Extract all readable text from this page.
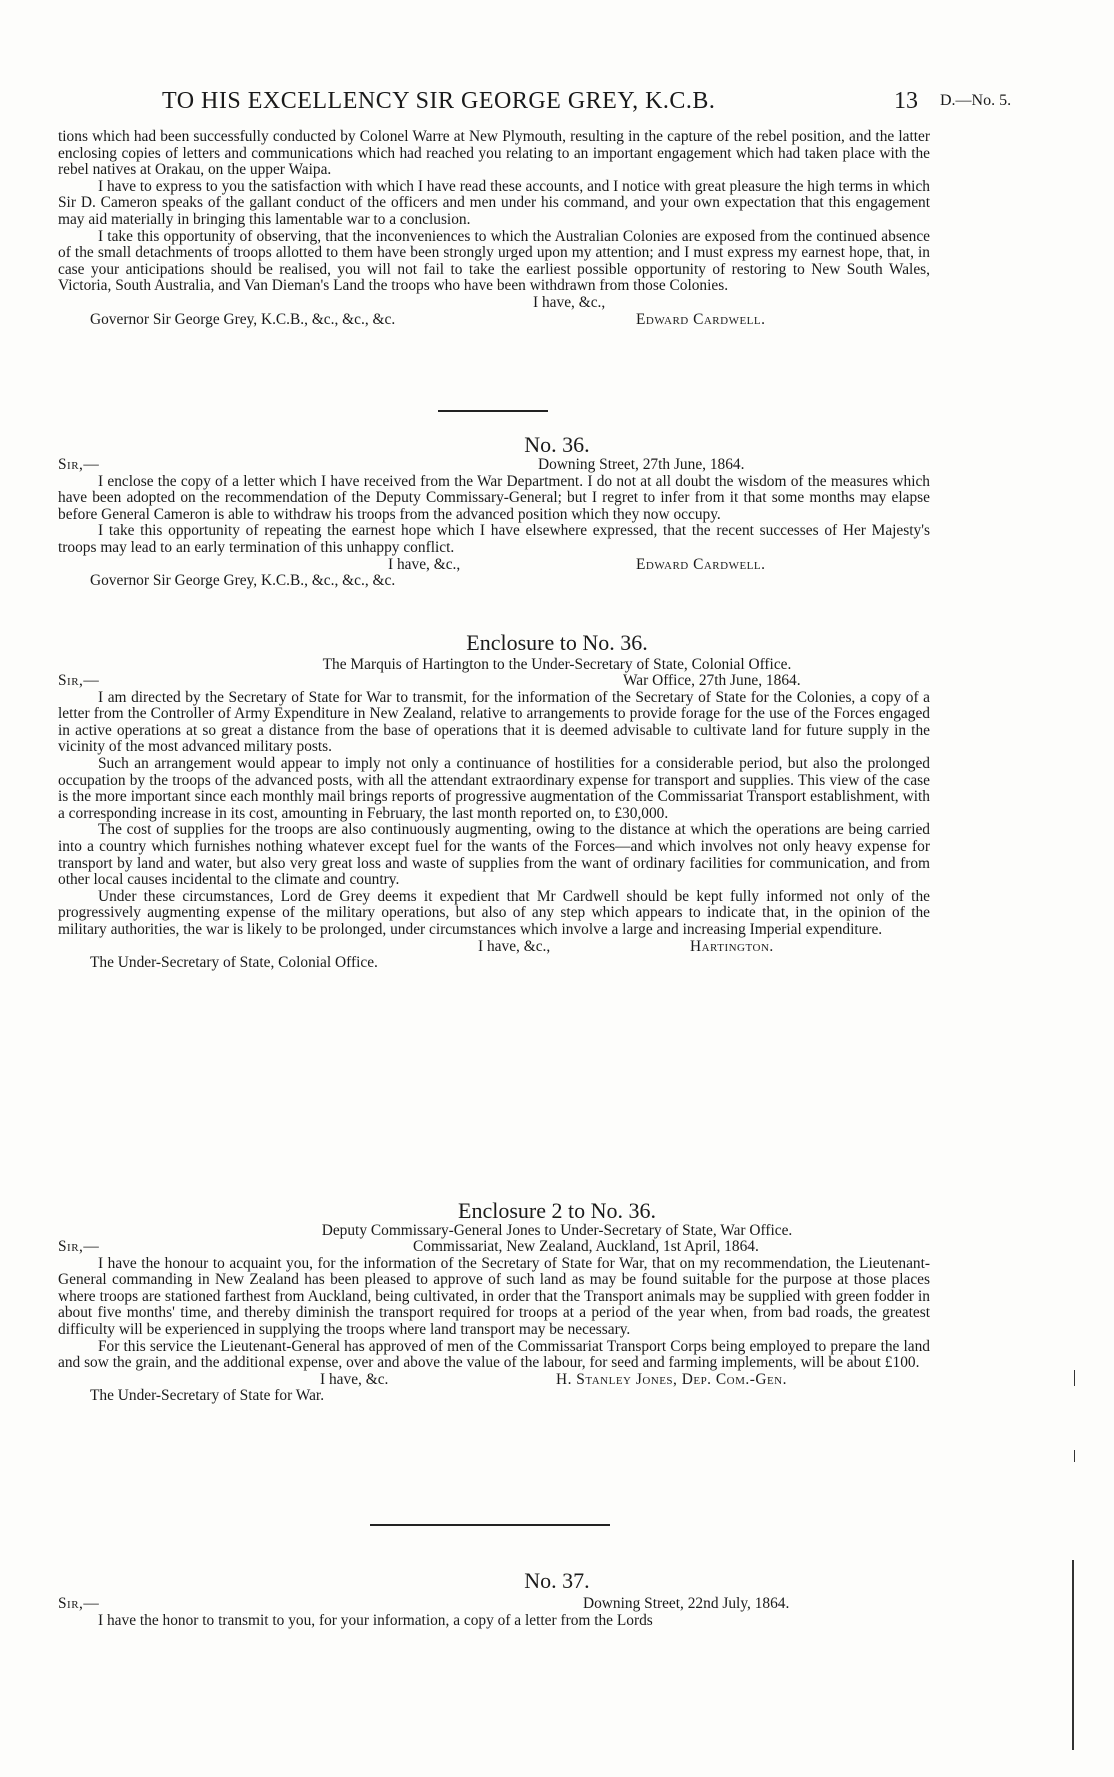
TO HIS EXCELLENCY SIR GEORGE GREY, K.C.B.	13 D.—No. 5.

tions which had been successfully conducted by Colonel Warre at New Plymouth, resulting in the capture of the rebel position, and the latter enclosing copies of letters and communications which had reached you relating to an important engagement which had taken place with the rebel natives at Orakau, on the upper Waipa.

I have to express to you the satisfaction with which I have read these accounts, and I notice with great pleasure the high terms in which Sir D. Cameron speaks of the gallant conduct of the officers and men under his command, and your own expectation that this engagement may aid materially in bringing this lamentable war to a conclusion.

I take this opportunity of observing, that the inconveniences to which the Australian Colonies are exposed from the continued absence of the small detachments of troops allotted to them have been strongly urged upon my attention; and I must express my earnest hope, that, in case your anticipations should be realised, you will not fail to take the earliest possible opportunity of restoring to New South Wales, Victoria, South Australia, and Van Dieman's Land the troops who have been withdrawn from those Colonies.

I have, &c.,
Governor Sir George Grey, K.C.B., &c., &c., &c.	Edward Cardwell.
No. 36.
Sir,—	Downing Street, 27th June, 1864.

I enclose the copy of a letter which I have received from the War Department. I do not at all doubt the wisdom of the measures which have been adopted on the recommendation of the Deputy Commissary-General; but I regret to infer from it that some months may elapse before General Cameron is able to withdraw his troops from the advanced position which they now occupy.

I take this opportunity of repeating the earnest hope which I have elsewhere expressed, that the recent successes of Her Majesty's troops may lead to an early termination of this unhappy conflict.

I have, &c.,	Edward Cardwell.
Governor Sir George Grey, K.C.B., &c., &c., &c.
Enclosure to No. 36.
The Marquis of Hartington to the Under-Secretary of State, Colonial Office.
Sir,—	War Office, 27th June, 1864.

I am directed by the Secretary of State for War to transmit, for the information of the Secretary of State for the Colonies, a copy of a letter from the Controller of Army Expenditure in New Zealand, relative to arrangements to provide forage for the use of the Forces engaged in active operations at so great a distance from the base of operations that it is deemed advisable to cultivate land for future supply in the vicinity of the most advanced military posts.

Such an arrangement would appear to imply not only a continuance of hostilities for a considerable period, but also the prolonged occupation by the troops of the advanced posts, with all the attendant extraordinary expense for transport and supplies. This view of the case is the more important since each monthly mail brings reports of progressive augmentation of the Commissariat Transport establishment, with a corresponding increase in its cost, amounting in February, the last month reported on, to £30,000.

The cost of supplies for the troops are also continuously augmenting, owing to the distance at which the operations are being carried into a country which furnishes nothing whatever except fuel for the wants of the Forces—and which involves not only heavy expense for transport by land and water, but also very great loss and waste of supplies from the want of ordinary facilities for communication, and from other local causes incidental to the climate and country.

Under these circumstances, Lord de Grey deems it expedient that Mr Cardwell should be kept fully informed not only of the progressively augmenting expense of the military operations, but also of any step which appears to indicate that, in the opinion of the military authorities, the war is likely to be prolonged, under circumstances which involve a large and increasing Imperial expenditure.

I have, &c.,	Hartington.
The Under-Secretary of State, Colonial Office.
Enclosure 2 to No. 36.
Deputy Commissary-General Jones to Under-Secretary of State, War Office.
Sir,—	Commissariat, New Zealand, Auckland, 1st April, 1864.

I have the honour to acquaint you, for the information of the Secretary of State for War, that on my recommendation, the Lieutenant-General commanding in New Zealand has been pleased to approve of such land as may be found suitable for the purpose at those places where troops are stationed farthest from Auckland, being cultivated, in order that the Transport animals may be supplied with green fodder in about five months' time, and thereby diminish the transport required for troops at a period of the year when, from bad roads, the greatest difficulty will be experienced in supplying the troops where land transport may be necessary.

For this service the Lieutenant-General has approved of men of the Commissariat Transport Corps being employed to prepare the land and sow the grain, and the additional expense, over and above the value of the labour, for seed and farming implements, will be about £100.

I have, &c.	H. Stanley Jones, Dep. Com.-Gen.
The Under-Secretary of State for War.
No. 37.
Sir,—	Downing Street, 22nd July, 1864.

I have the honor to transmit to you, for your information, a copy of a letter from the Lords
